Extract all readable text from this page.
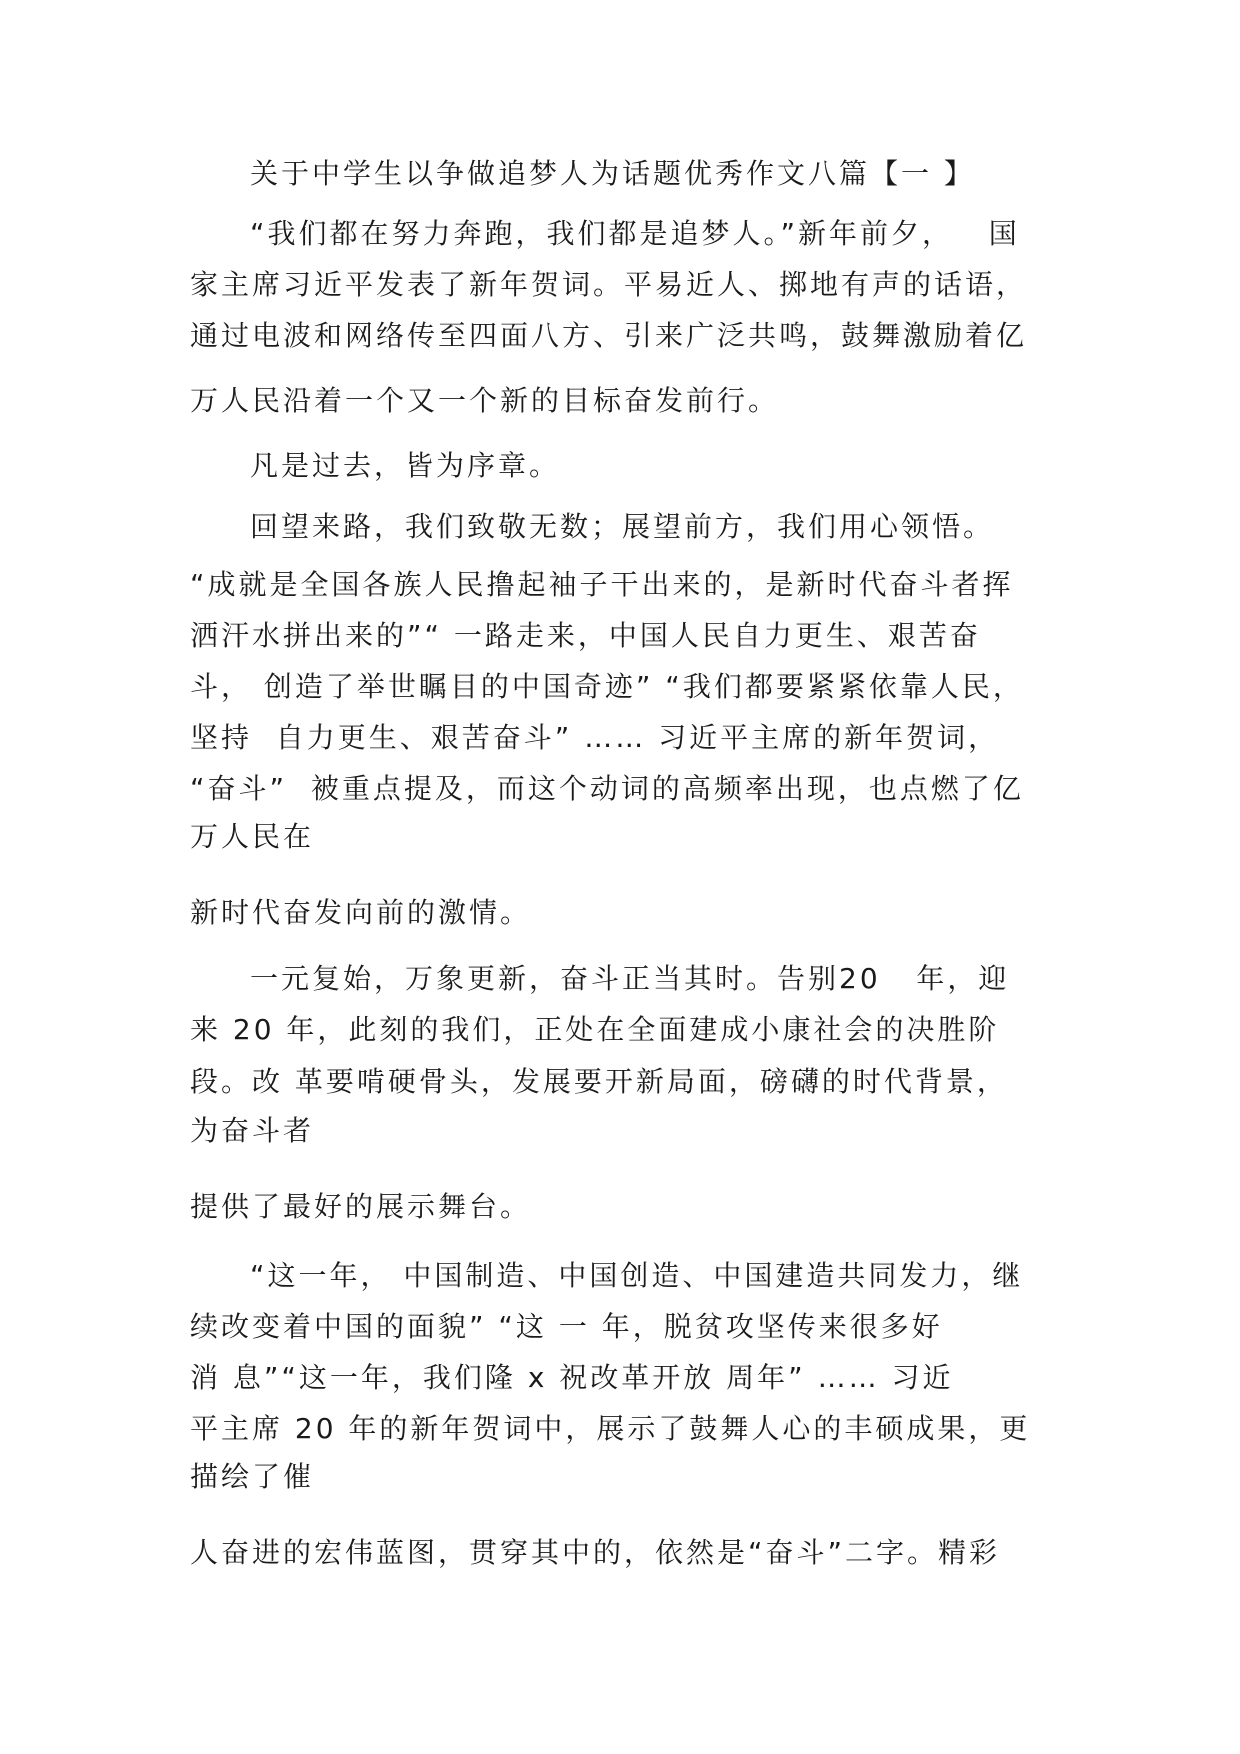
关于中学生以争做追梦人为话题优秀作文八篇【一 】
“我们都在努力奔跑，我们都是追梦人。”新年前夕，   国
家主席习近平发表了新年贺词。平易近人、掷地有声的话语，
通过电波和网络传至四面八方、引来广泛共鸣，鼓舞激励着亿
万人民沿着一个又一个新的目标奋发前行。
凡是过去，皆为序章。
回望来路，我们致敬无数；展望前方，我们用心领悟。
“成就是全国各族人民撸起袖子干出来的，是新时代奋斗者挥
洒汗水拼出来的”“ 一路走来，中国人民自力更生、艰苦奋
斗， 创造了举世瞩目的中国奇迹” “我们都要紧紧依靠人民，
坚持  自力更生、艰苦奋斗” …… 习近平主席的新年贺词，
“奋斗”  被重点提及，而这个动词的高频率出现，也点燃了亿
万人民在
新时代奋发向前的激情。
一元复始，万象更新，奋斗正当其时。告别20   年，迎
来 20 年，此刻的我们，正处在全面建成小康社会的决胜阶
段。改 革要啃硬骨头，发展要开新局面，磅礴的时代背景，
为奋斗者
提供了最好的展示舞台。
“这一年， 中国制造、中国创造、中国建造共同发力，继
续改变着中国的面貌” “这 一 年，脱贫攻坚传来很多好
消 息”“这一年，我们隆 x 祝改革开放 周年” …… 习近
平主席 20 年的新年贺词中，展示了鼓舞人心的丰硕成果，更
描绘了催
人奋进的宏伟蓝图，贯穿其中的，依然是“奋斗”二字。精彩
